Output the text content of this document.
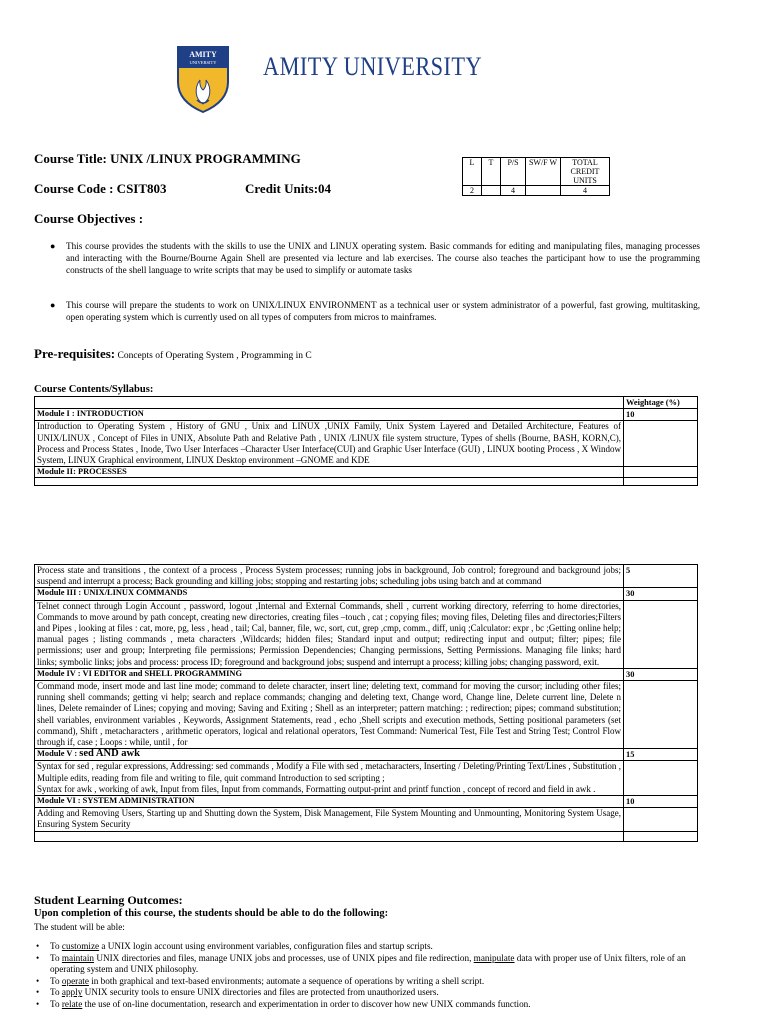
AMITY
UNIVERSITY AMITY UNIVERSITY
Course Title: UNIX /LINUX PROGRAMMING
Course Code : CSIT803	Credit Units:04
L	T	P/S	SW/F W	TOTAL CREDIT UNITS
2		4		4
Course Objectives :
● This course provides the students with the skills to use the UNIX and LINUX operating system. Basic commands for editing and manipulating files, managing processes and interacting with the Bourne/Bourne Again Shell are presented via lecture and lab exercises. The course also teaches the participant how to use the programming constructs of the shell language to write scripts that may be used to simplify or automate tasks
● This course will prepare the students to work on UNIX/LINUX ENVIRONMENT as a technical user or system administrator of a powerful, fast growing, multitasking, open operating system which is currently used on all types of computers from micros to mainframes.
Pre-requisites: Concepts of Operating System , Programming in C
Course Contents/Syllabus:
	Weightage (%)
Module I : INTRODUCTION	10
Introduction to Operating System , History of GNU , Unix and LINUX ,UNIX Family, Unix System Layered and Detailed Architecture, Features of UNIX/LINUX , Concept of Files in UNIX, Absolute Path and Relative Path , UNIX /LINUX file system structure, Types of shells (Bourne, BASH, KORN,C), Process and Process States , Inode, Two User Interfaces –Character User Interface(CUI) and Graphic User Interface (GUI) , LINUX booting Process , X Window System, LINUX Graphical environment, LINUX Desktop environment –GNOME and KDE	
Module II: PROCESSES	

Process state and transitions , the context of a process , Process System processes; running jobs in background, Job control; foreground and background jobs; suspend and interrupt a process; Back grounding and killing jobs; stopping and restarting jobs; scheduling jobs using batch and at command	5
Module III : UNIX/LINUX COMMANDS	30
Telnet connect through Login Account , password, logout ,Internal and External Commands, shell , current working directory, referring to home directories, Commands to move around by path concept, creating new directories, creating files –touch , cat ; copying files; moving files, Deleting files and directories;Filters and Pipes , looking at files : cat, more, pg, less , head , tail; Cal, banner, file, wc, sort, cut, grep ,cmp, comm., diff, uniq ;Calculator: expr , bc ;Getting online help; manual pages ; listing commands , meta characters ,Wildcards; hidden files; Standard input and output; redirecting input and output; filter; pipes; file permissions; user and group; Interpreting file permissions; Permission Dependencies; Changing permissions, Setting Permissions. Managing file links; hard links; symbolic links; jobs and process: process ID; foreground and background jobs; suspend and interrupt a process; killing jobs; changing password, exit.	
Module IV : VI EDITOR and SHELL PROGRAMMING	30
Command mode, insert mode and last line mode; command to delete character, insert line; deleting text, command for moving the cursor; including other files; running shell commands; getting vi help; search and replace commands; changing and deleting text, Change word, Change line, Delete current line, Delete n lines, Delete remainder of Lines; copying and moving; Saving and Exiting ; Shell as an interpreter; pattern matching: ; redirection; pipes; command substitution; shell variables, environment variables , Keywords, Assignment Statements, read , echo ,Shell scripts and execution methods, Setting positional parameters (set command), Shift , metacharacters , arithmetic operators, logical and relational operators, Test Command: Numerical Test, File Test and String Test; Control Flow through if, case ; Loops : while, until , for	
Module V : sed AND awk	15

Syntax for sed , regular expressions, Addressing: sed commands , Modify a File with sed , metacharacters, Inserting / Deleting/Printing Text/Lines , Substitution , Multiple edits, reading from file and writing to file, quit command Introduction to sed scripting ;
Syntax for awk , working of awk, Input from files, Input from commands, Formatting output-print and printf function , concept of record and field in awk .	

Module VI : SYSTEM ADMINISTRATION	10
Adding and Removing Users, Starting up and Shutting down the System, Disk Management, File System Mounting and Unmounting, Monitoring System Usage, Ensuring System Security	

Student Learning Outcomes:
Upon completion of this course, the students should be able to do the following:
The student will be able:
• To customize a UNIX login account using environment variables, configuration files and startup scripts.
• To maintain UNIX directories and files, manage UNIX jobs and processes, use of UNIX pipes and file redirection, manipulate data with proper use of Unix filters, role of an operating system and UNIX philosophy.
• To operate in both graphical and text-based environments; automate a sequence of operations by writing a shell script.
• To apply UNIX security tools to ensure UNIX directories and files are protected from unauthorized users.
• To relate the use of on-line documentation, research and experimentation in order to discover how new UNIX commands function.
